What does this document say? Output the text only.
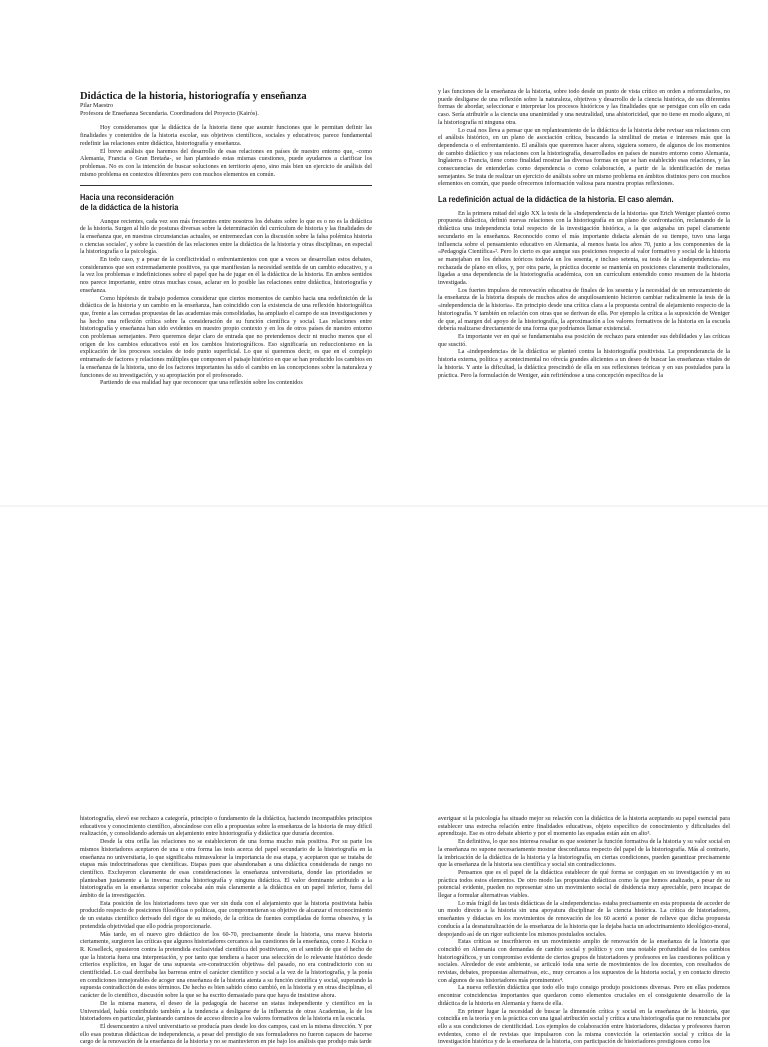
Didáctica de la historia, historiografía y enseñanza

Pilar Maestro
Profesora de Enseñanza Secundaria. Coordinadora del Proyecto (Kairós).

Hoy consideramos que la didáctica de la historia tiene que asumir funciones que le permitan definir las finalidades y contenidos de la historia escolar, sus objetivos científicos, sociales y educativos; parece fundamental redefinir las relaciones entre didáctica, historiografía y enseñanza.

El breve análisis que haremos del desarrollo de esas relaciones en países de nuestro entorno que, -como Alemania, Francia o Gran Bretaña-, se han planteado estas mismas cuestiones, puede ayudarnos a clarificar los problemas. No es con la intención de buscar soluciones en territorio ajeno, sino más bien un ejercicio de análisis del mismo problema en contextos diferentes pero con muchos elementos en común.

Hacia una reconsideración
de la didáctica de la historia

Aunque recientes, cada vez son más frecuentes entre nosotros los debates sobre lo que es o no es la didáctica de la historia. Surgen al hilo de posturas diversas sobre la determinación del currículum de historia y las finalidades de la enseñanza que, en nuestras circunstancias actuales, se entremezclan con la discusión sobre la falsa polémica historia o ciencias sociales', y sobre la cuestión de las relaciones entre la didáctica de la historia y otras disciplinas, en especial la historiografía o la psicología.

En todo caso, y a pesar de la conflictividad o enfrentamientos con que a veces se desarrollan estos debates, consideramos que son extremadamente positivos, ya que manifiestan la necesidad sentida de un cambio educativo, y a la vez los problemas e indefiniciones sobre el papel que ha de jugar en él la didáctica de la historia. En ambos sentidos nos parece importante, entre otras muchas cosas, aclarar en lo posible las relaciones entre didáctica, historiografía y enseñanza.

Como hipótesis de trabajo podemos considerar que ciertos momentos de cambio hacia una redefinición de la didáctica de la historia y un cambio en la enseñanza, han coincidido con la existencia de una reflexión historiográfica que, frente a las cerradas propuestas de las academias más consolidadas, ha ampliado el campo de sus investigaciones y ha hecho una reflexión crítica sobre la consideración de su función científica y social. Las relaciones entre historiografía y enseñanza han sido evidentes en nuestro propio contexto y en los de otros países de nuestro entorno con problemas semejantes. Pero queremos dejar claro de entrada que no pretendemos decir ni mucho menos que el origen de los cambios educativos esté en los cambios historiográficos. Eso significaría un reduccionismo en la explicación de los procesos sociales de todo punto superficial. Lo que sí queremos decir, es que en el complejo entramado de factores y relaciones múltiples que componen el paisaje histórico en que se han producido los cambios en la enseñanza de la historia, uno de los factores importantes ha sido el cambio en las concepciones sobre la naturaleza y funciones de su investigación, y su apropiación por el profesorado.

Partiendo de esa realidad hay que reconocer que una reflexión sobre los contenidos

y las funciones de la enseñanza de la historia, sobre todo desde un punto de vista crítico en orden a reformularlos, no puede desligarse de una reflexión sobre la naturaleza, objetivos y desarrollo de la ciencia histórica, de sus diferentes formas de abordar, seleccionar e interpretar los procesos históricos y las finalidades que se persigue con ello en cada caso. Sería atribuirle a la ciencia una unanimidad y una neutralidad, una ahistoricidad, que no tiene en modo alguno, ni la historiografía ni ninguna otra.

Lo cual nos lleva a pensar que un replanteamiento de la didáctica de la historia debe revisar sus relaciones con el análisis histórico, en un plano de asociación crítica, buscando la similitud de metas e intereses más que la dependencia o el enfrentamiento. El análisis que queremos hacer ahora, siguiera somero, de algunos de los momentos de cambio didáctico y sus relaciones con la historiografía, desarrollados en países de nuestro entorno como Alemania, Inglaterra o Francia, tiene como finalidad mostrar las diversas formas en que se han establecido esas relaciones, y las consecuencias de entenderlas como dependencia o como colaboración, a partir de la identificación de metas semejantes. Se trata de realizar un ejercicio de análisis sobre un mismo problema en ámbitos distintos pero con muchos elementos en común, que puede ofrecernos información valiosa para nuestra propias reflexiones.

La redefinición actual de la didáctica de la historia. El caso alemán.

En la primera mitad del siglo XX la tesis de la «Independencia de la historia» que Erich Weniger planteó como propuesta didáctica, definió nuevas relaciones con la historiografía en un plano de confrontación, reclamando de la didáctica una independencia total respecto de la investigación histórica, a la que asignaba un papel claramente secundario en la enseñanza. Reconocido como el más importante didacta alemán de su tiempo, tuvo una larga influencia sobre el pensamiento educativo en Alemania, al menos hasta los años 70, junto a los componentes de la «Pedagogía Científica»². Pero lo cierto es que aunque sus posiciones respecto al valor formativo y social de la historia se manejaban en los debates teóricos todavía en los sesenta, e incluso setenta, su tesis de la «independencia» era rechazada de plano en ellos, y, por otra parte, la práctica docente se mantenía en posiciones claramente tradicionales, ligadas a una dependencia de la historiografía académica, con un currículum entendido como resumen de la historia investigada.

Los fuertes impulsos de renovación educativa de finales de los sesenta y la necesidad de un remozamiento de la enseñanza de la historia después de muchos años de anquilosamiento hicieron cambiar radicalmente la tesis de la «independencia de la historia». En principio desde una crítica clara a la propuesta central de alejamiento respecto de la historiografía. Y también en relación con otras que se derivan de ella. Por ejemplo la crítica a la suposición de Weniger de que, al margen del apoyo de la historiografía, la aproximación a los valores formativos de la historia en la escuela debería realizarse directamente de una forma que podríamos llamar existencial.

Es importante ver en qué se fundamentaba esa posición de rechazo para entender sus debilidades y las críticas que suscitó.

La «independencia» de la didáctica se planteó contra la historiografía positivista. La preponderancia de la historia externa, política y acontecimental no ofrecía grandes alicientes a un deseo de buscar las enseñanzas vitales de la historia. Y ante la dificultad, la didáctica prescindió de ella en sus reflexiones teóricas y en sus postulados para la práctica. Pero la formulación de Weniger, aún refiriéndose a una concepción específica de la

historiografía, elevó ese rechazo a categoría, principio o fundamento de la didáctica, haciendo incompatibles principios educativos y conocimiento científico, abocándose con ello a propuestas sobre la enseñanza de la historia de muy difícil realización, y consolidando además un alejamiento entre historiografía y didáctica que duraría decenios.

Desde la otra orilla las relaciones no se establecieron de una forma mucho más positiva. Por su parte los mismos historiadores aceptaron de una u otra forma las tesis acerca del papel secundario de la historiografía en la enseñanza no universitaria, lo que significaba minusvalorar la importancia de esa etapa, y aceptaron que se trataba de etapas más indoctrinadoras que científicas. Etapas pues que abandonaban a una didáctica considerada de rango no científico. Excluyeron claramente de esas consideraciones la enseñanza universitaria, donde las prioridades se planteaban justamente a la inversa: mucha historiografía y ninguna didáctica. El valor dominante atribuido a la historiografía en la enseñanza superior colocaba aún más claramente a la didáctica en un papel inferior, fuera del ámbito de la investigación.

Esta posición de los historiadores tuvo que ver sin duda con el alejamiento que la historia positivista había producido respecto de posiciones filosóficas o políticas, que comprometieran su objetivo de alcanzar el reconocimiento de un estatus científico derivado del rigor de su método, de la crítica de fuentes compiladas de forma obsesiva, y la pretendida objetividad que ello podría proporcionarle.

Más tarde, en el nuevo giro didáctico de los 60-70, precisamente desde la historia, una nueva historia ciertamente, surgieron las críticas que algunos historiadores cercanos a las cuestiones de la enseñanza, como J. Kocka o R. Koselleck, opusieron contra la pretendida exclusividad científica del positivismo, en el sentido de que el hecho de que la historia fuera una interpretación, y por tanto que tendiera a hacer una selección de lo relevante histórico desde criterios explícitos, en lugar de una supuesta «re-construcción objetiva» del pasado, no era contradictorio con su cientificidad. Lo cual derribaba las barreras entre el carácter científico y social a la vez de la historiografía, y la ponía en condiciones inmejorables de acoger una enseñanza de la historia atenta a su función científica y social, superando la supuesta contradicción de estos términos. De hecho es bien sabido cómo cambió, en la historia y en otras disciplinas, el carácter de lo científico, discusión sobre la que se ha escrito demasiado para que haya de insistirse ahora.

De la misma manera, el deseo de la pedagogía de hacerse un status independiente y científico en la Universidad, había contribuido también a la tendencia a desligarse de la influencia de otras Academias, la de los historiadores en particular, planteando caminos de acceso directo a los valores formativos de la historia en la escuela.

El desencuentro a nivel universitario se producía pues desde los dos campos, casi en la misma dirección. Y por ello esas posturas didácticas de independencia, a pesar del prestigio de sus formuladores no fueron capaces de hacerse cargo de la renovación de la enseñanza de la historia y no se mantuvieron en pie bajo los análisis que produjo más tarde

averiguar si la psicología ha situado mejor su relación con la didáctica de la historia aceptando su papel esencial para establecer una estrecha relación entre finalidades educativas, objeto específico de conocimiento y dificultades del aprendizaje. Ese es otro debate abierto y por el momento las espadas están aún en alto³.

En definitiva, lo que nos interesa resaltar es que sostener la función formativa de la historia y su valor social en la enseñanza no supone necesariamente mostrar desconfianza respecto del papel de la historiografía. Más al contrario, la imbricación de la didáctica de la historia y la historiografía, en ciertas condiciones, pueden garantizar precisamente que la enseñanza de la historia sea científica y social sin contradicciones.

Pensamos que es el papel de la didáctica establecer de qué forma se conjugan en su investigación y en su práctica todos estos elementos. De otro modo las propuestas didácticas como la que hemos analizado, a pesar de su potencial evidente, pueden no representar sino un movimiento social de disidencia muy apreciable, pero incapaz de llegar a formular alternativas viables.

Lo más frágil de las tesis didácticas de la «independencia» estaba precisamente en esta propuesta de acceder de un modo directo a la historia sin una apoyatura disciplinar de la ciencia histórica. La crítica de historiadores, enseñantes y didactas en los movimientos de renovación de los 60 acertó a poner de relieve que dicha propuesta conducía a la desnaturalización de la enseñanza de la historia que la dejaba hacia un adoctrinamiento ideológico-moral, despojando así de un rigor suficiente los mismos postulados sociales.

Estas críticas se inscribieron en un movimiento amplio de renovación de la enseñanza de la historia que coincidió en Alemania con demandas de cambio social y político y con una notable profundidad de los cambios historiográficos, y un compromiso evidente de ciertos grupos de historiadores y profesores en las cuestiones políticas y sociales. Alrededor de este ambiente, se articuló toda una serie de movimientos de los docentes, con resultados de revistas, debates, propuestas alternativas, etc., muy cercanos a los supuestos de la historia social, y en contacto directo con algunos de sus historiadores más prominentes⁴.

La nueva reflexión didáctica que todo ello trajo consigo produjo posiciones diversas. Pero en ellas podemos encontrar coincidencias importantes que quedaron como elementos cruciales en el consiguiente desarrollo de la didáctica de la historia en Alemania y fuera de ella.

En primer lugar la necesidad de buscar la dimensión crítica y social en la enseñanza de la historia, que coincidía en la teoría y en la práctica con una igual atribución social y crítica a una historiografía que no renunciaba por ello a sus condiciones de cientificidad. Los ejemplos de colaboración entre historiadores, didactas y profesores fueron evidentes, como el de revistas que impulsaron con la misma convicción la orientación social y crítica de la investigación histórica y de la enseñanza de la historia, con participación de historiadores prestigiosos como los
